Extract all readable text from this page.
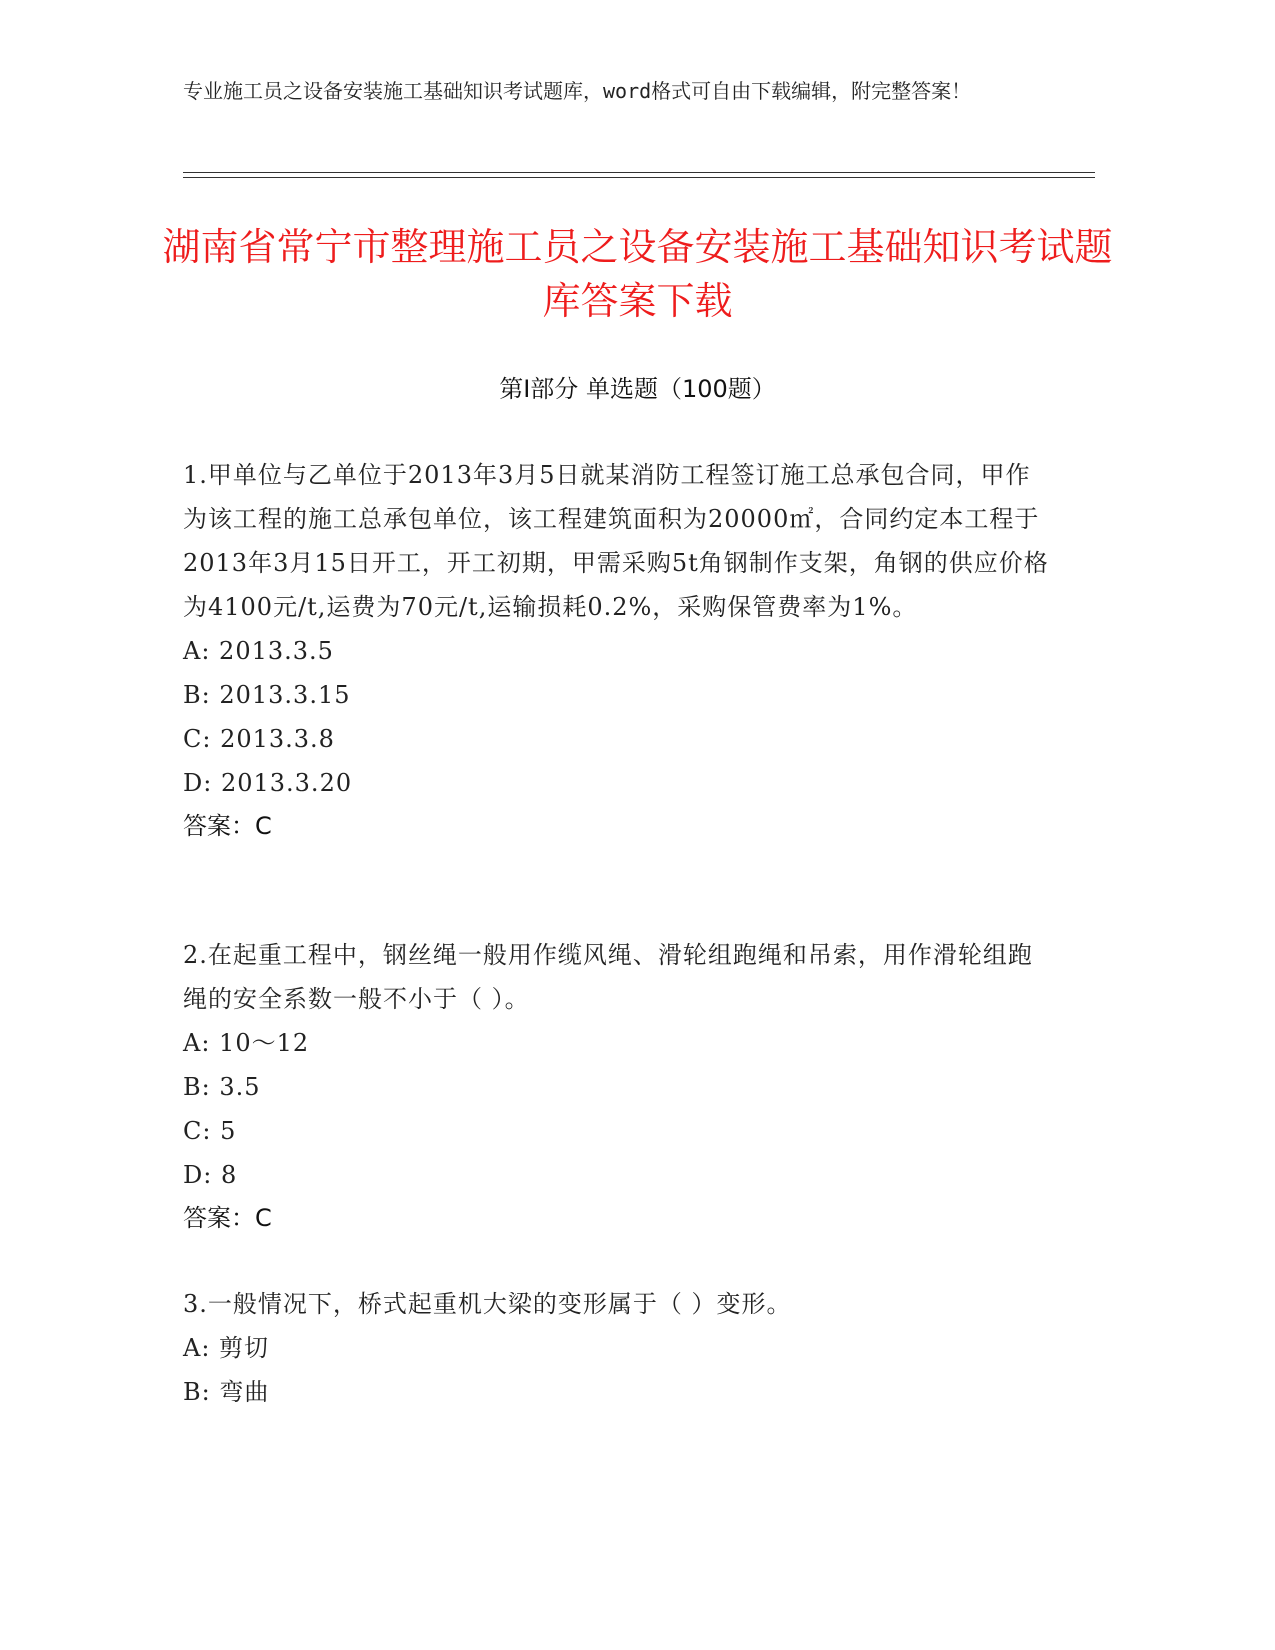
专业施工员之设备安装施工基础知识考试题库，word格式可自由下载编辑，附完整答案！
湖南省常宁市整理施工员之设备安装施工基础知识考试题库答案下载
第Ⅰ部分 单选题（100题）
1.甲单位与乙单位于2013年3月5日就某消防工程签订施工总承包合同，甲作为该工程的施工总承包单位，该工程建筑面积为20000㎡，合同约定本工程于2013年3月15日开工，开工初期，甲需采购5t角钢制作支架，角钢的供应价格为4100元/t,运费为70元/t,运输损耗0.2%，采购保管费率为1%。
A: 2013.3.5
B: 2013.3.15
C: 2013.3.8
D: 2013.3.20
答案：C
2.在起重工程中，钢丝绳一般用作缆风绳、滑轮组跑绳和吊索，用作滑轮组跑绳的安全系数一般不小于（ ）。
A: 10～12
B: 3.5
C: 5
D: 8
答案：C
3.一般情况下，桥式起重机大梁的变形属于（ ）变形。
A: 剪切
B: 弯曲
